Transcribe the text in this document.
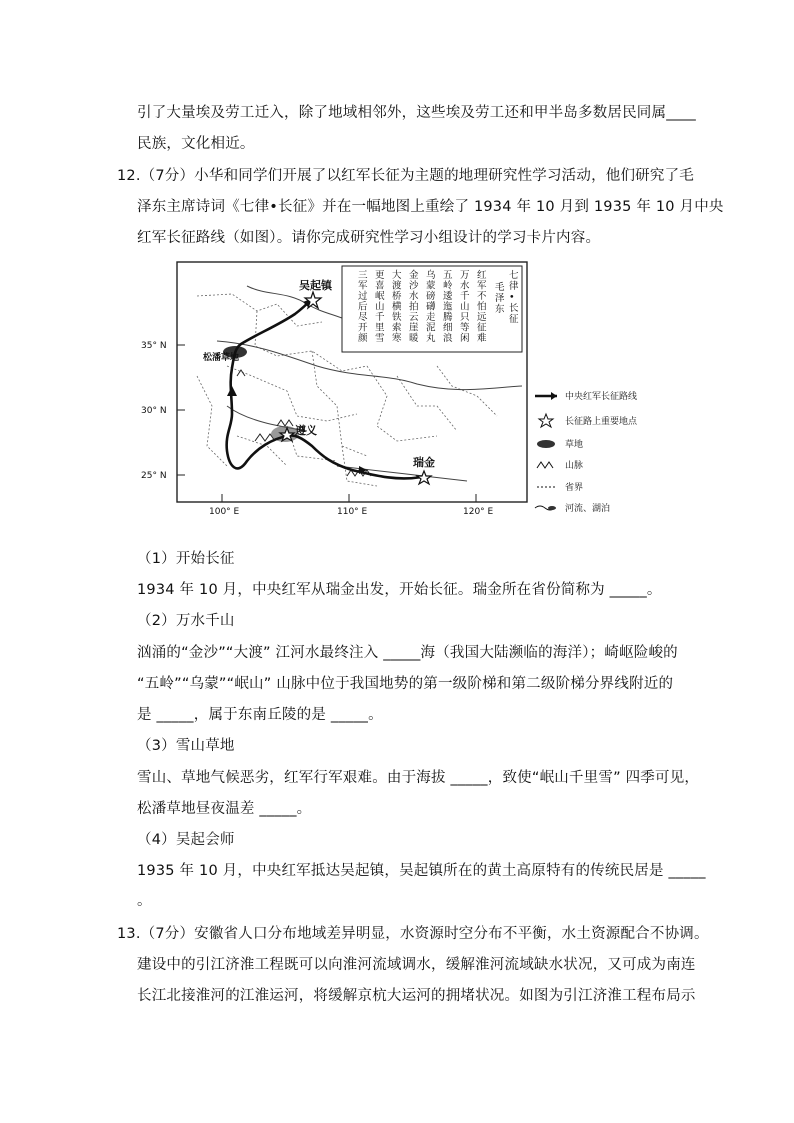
引了大量埃及劳工迁入，除了地域相邻外，这些埃及劳工还和甲半岛多数居民同属____
民族，文化相近。
12.（7分）小华和同学们开展了以红军长征为主题的地理研究性学习活动，他们研究了毛
泽东主席诗词《七律•长征》并在一幅地图上重绘了 1934 年 10 月到 1935 年 10 月中央
红军长征路线（如图）。请你完成研究性学习小组设计的学习卡片内容。
吴起镇
松潘草地
遵义
瑞金
35° N
30° N
25° N
100° E	110° E	120° E
红军不怕远征难
万水千山只等闲
五岭逶迤腾细浪
乌蒙磅礴走泥丸
金沙水拍云崖暖
大渡桥横铁索寒
更喜岷山千里雪
三军过后尽开颜
七律•长征
毛泽东
中央红军长征路线
长征路上重要地点
草地
山脉
省界
河流、湖泊
（1）开始长征
1934 年 10 月，中央红军从瑞金出发，开始长征。瑞金所在省份简称为 _____。
（2）万水千山
汹涌的“金沙”“大渡” 江河水最终注入 _____海（我国大陆濒临的海洋）；崎岖险峻的
“五岭”“乌蒙”“岷山” 山脉中位于我国地势的第一级阶梯和第二级阶梯分界线附近的
是 _____，属于东南丘陵的是 _____。
（3）雪山草地
雪山、草地气候恶劣，红军行军艰难。由于海拔 _____，致使“岷山千里雪” 四季可见，
松潘草地昼夜温差 _____。
（4）吴起会师
1935 年 10 月，中央红军抵达吴起镇，吴起镇所在的黄土高原特有的传统民居是 _____
。
13.（7分）安徽省人口分布地域差异明显，水资源时空分布不平衡，水土资源配合不协调。
建设中的引江济淮工程既可以向淮河流域调水，缓解淮河流域缺水状况，又可成为南连
长江北接淮河的江淮运河，将缓解京杭大运河的拥堵状况。如图为引江济淮工程布局示
